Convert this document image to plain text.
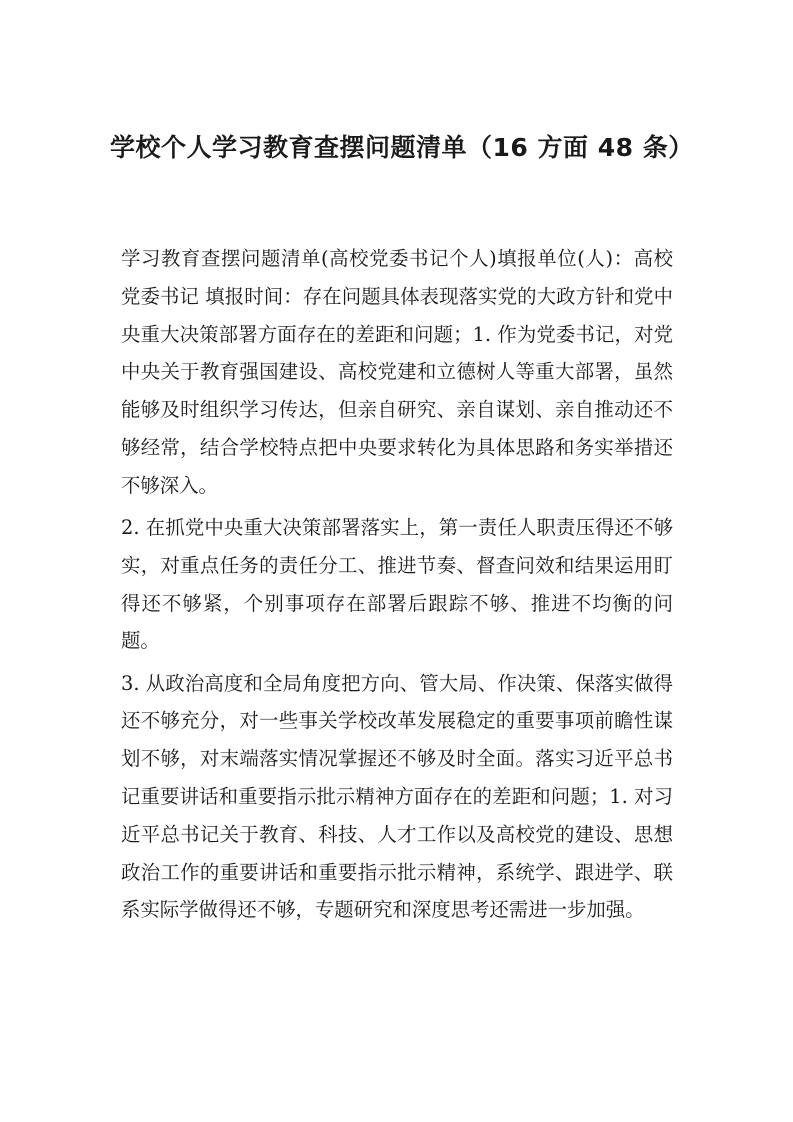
学校个人学习教育查摆问题清单（16 方面 48 条）

学习教育查摆问题清单(高校党委书记个人)填报单位(人)：高校党委书记 填报时间：存在问题具体表现落实党的大政方针和党中央重大决策部署方面存在的差距和问题；1. 作为党委书记，对党中央关于教育强国建设、高校党建和立德树人等重大部署，虽然能够及时组织学习传达，但亲自研究、亲自谋划、亲自推动还不够经常，结合学校特点把中央要求转化为具体思路和务实举措还不够深入。

2. 在抓党中央重大决策部署落实上，第一责任人职责压得还不够实，对重点任务的责任分工、推进节奏、督查问效和结果运用盯得还不够紧，个别事项存在部署后跟踪不够、推进不均衡的问题。

3. 从政治高度和全局角度把方向、管大局、作决策、保落实做得还不够充分，对一些事关学校改革发展稳定的重要事项前瞻性谋划不够，对末端落实情况掌握还不够及时全面。落实习近平总书记重要讲话和重要指示批示精神方面存在的差距和问题；1. 对习近平总书记关于教育、科技、人才工作以及高校党的建设、思想政治工作的重要讲话和重要指示批示精神，系统学、跟进学、联系实际学做得还不够，专题研究和深度思考还需进一步加强。
